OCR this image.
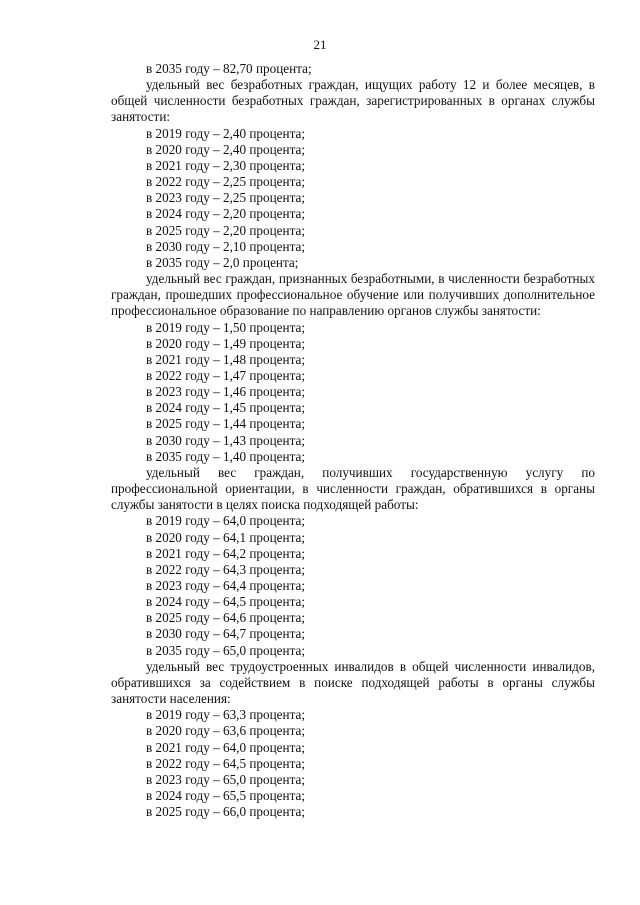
21

в 2035 году – 82,70 процента;

удельный вес безработных граждан, ищущих работу 12 и более месяцев, в общей численности безработных граждан, зарегистрированных в органах службы занятости:

в 2019 году – 2,40 процента;

в 2020 году – 2,40 процента;

в 2021 году – 2,30 процента;

в 2022 году – 2,25 процента;

в 2023 году – 2,25 процента;

в 2024 году – 2,20 процента;

в 2025 году – 2,20 процента;

в 2030 году – 2,10 процента;

в 2035 году – 2,0 процента;

удельный вес граждан, признанных безработными, в численности безработных граждан, прошедших профессиональное обучение или получивших дополнительное профессиональное образование по направлению органов службы занятости:

в 2019 году – 1,50 процента;

в 2020 году – 1,49 процента;

в 2021 году – 1,48 процента;

в 2022 году – 1,47 процента;

в 2023 году – 1,46 процента;

в 2024 году – 1,45 процента;

в 2025 году – 1,44 процента;

в 2030 году – 1,43 процента;

в 2035 году – 1,40 процента;

удельный вес граждан, получивших государственную услугу по профессиональной ориентации, в численности граждан, обратившихся в органы службы занятости в целях поиска подходящей работы:

в 2019 году – 64,0 процента;

в 2020 году – 64,1 процента;

в 2021 году – 64,2 процента;

в 2022 году – 64,3 процента;

в 2023 году – 64,4 процента;

в 2024 году – 64,5 процента;

в 2025 году – 64,6 процента;

в 2030 году – 64,7 процента;

в 2035 году – 65,0 процента;

удельный вес трудоустроенных инвалидов в общей численности инвалидов, обратившихся за содействием в поиске подходящей работы в органы службы занятости населения:

в 2019 году – 63,3 процента;

в 2020 году – 63,6 процента;

в 2021 году – 64,0 процента;

в 2022 году – 64,5 процента;

в 2023 году – 65,0 процента;

в 2024 году – 65,5 процента;

в 2025 году – 66,0 процента;
